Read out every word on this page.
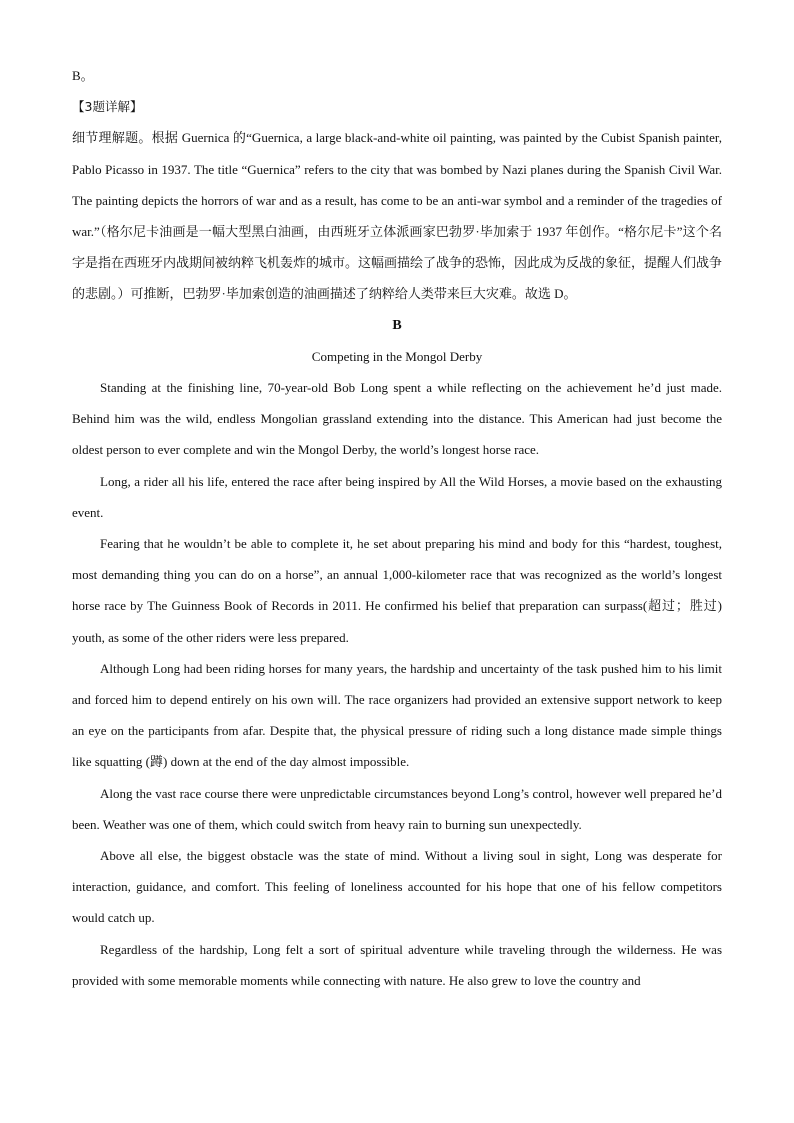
B。

【3题详解】

细节理解题。根据 Guernica 的“Guernica, a large black-and-white oil painting, was painted by the Cubist Spanish painter, Pablo Picasso in 1937. The title “Guernica” refers to the city that was bombed by Nazi planes during the Spanish Civil War. The painting depicts the horrors of war and as a result, has come to be an anti-war symbol and a reminder of the tragedies of war.”（格尔尼卡油画是一幅大型黑白油画，由西班牙立体派画家巴勃罗·毕加索于 1937 年创作。“格尔尼卡”这个名字是指在西班牙内战期间被纳粹飞机轰炸的城市。这幅画描绘了战争的恐怖，因此成为反战的象征，提醒人们战争的悲剧。）可推断，巴勃罗·毕加索创造的油画描述了纳粹给人类带来巨大灾难。故选 D。

B

Competing in the Mongol Derby

Standing at the finishing line, 70-year-old Bob Long spent a while reflecting on the achievement he’d just made. Behind him was the wild, endless Mongolian grassland extending into the distance. This American had just become the oldest person to ever complete and win the Mongol Derby, the world’s longest horse race.

Long, a rider all his life, entered the race after being inspired by All the Wild Horses, a movie based on the exhausting event.

Fearing that he wouldn’t be able to complete it, he set about preparing his mind and body for this “hardest, toughest, most demanding thing you can do on a horse”, an annual 1,000-kilometer race that was recognized as the world’s longest horse race by The Guinness Book of Records in 2011. He confirmed his belief that preparation can surpass(超过；胜过) youth, as some of the other riders were less prepared.

Although Long had been riding horses for many years, the hardship and uncertainty of the task pushed him to his limit and forced him to depend entirely on his own will. The race organizers had provided an extensive support network to keep an eye on the participants from afar. Despite that, the physical pressure of riding such a long distance made simple things like squatting (蹲) down at the end of the day almost impossible.

Along the vast race course there were unpredictable circumstances beyond Long’s control, however well prepared he’d been. Weather was one of them, which could switch from heavy rain to burning sun unexpectedly.

Above all else, the biggest obstacle was the state of mind. Without a living soul in sight, Long was desperate for interaction, guidance, and comfort. This feeling of loneliness accounted for his hope that one of his fellow competitors would catch up.

Regardless of the hardship, Long felt a sort of spiritual adventure while traveling through the wilderness. He was provided with some memorable moments while connecting with nature. He also grew to love the country and
